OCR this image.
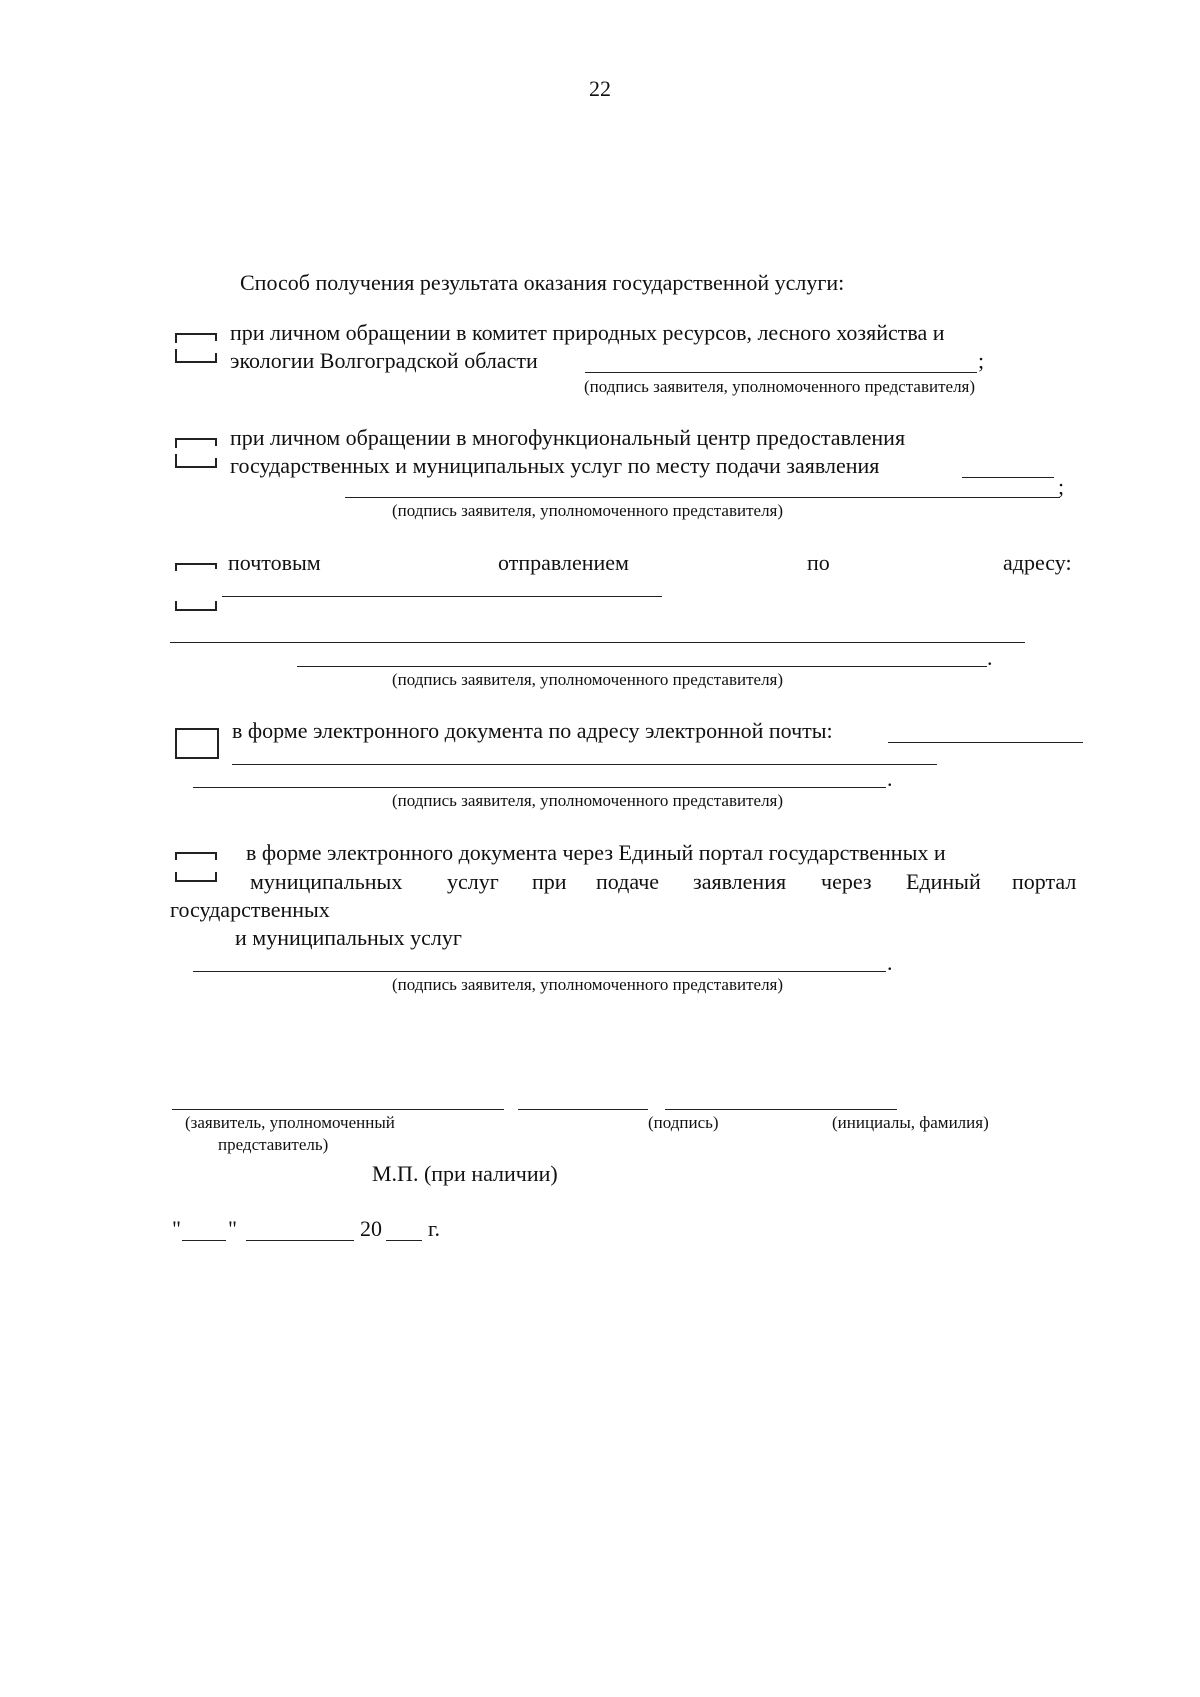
22
Способ получения результата оказания государственной услуги:
при личном обращении в комитет природных ресурсов, лесного хозяйства и
экологии Волгоградской области	;
(подпись заявителя, уполномоченного представителя)
при личном обращении в многофункциональный центр предоставления
государственных и муниципальных услуг по месту подачи заявления
;
(подпись заявителя, уполномоченного представителя)
почтовым	отправлением	по	адресу:
.
(подпись заявителя, уполномоченного представителя)
в форме электронного документа по адресу электронной почты:
.
(подпись заявителя, уполномоченного представителя)
в форме электронного документа через Единый портал государственных и
муниципальных услуг при подаче заявления через Единый портал
государственных
и муниципальных услуг
.
(подпись заявителя, уполномоченного представителя)
(заявитель, уполномоченный
представитель)
(подпись)	(инициалы, фамилия)
М.П. (при наличии)
" "	20 г.
